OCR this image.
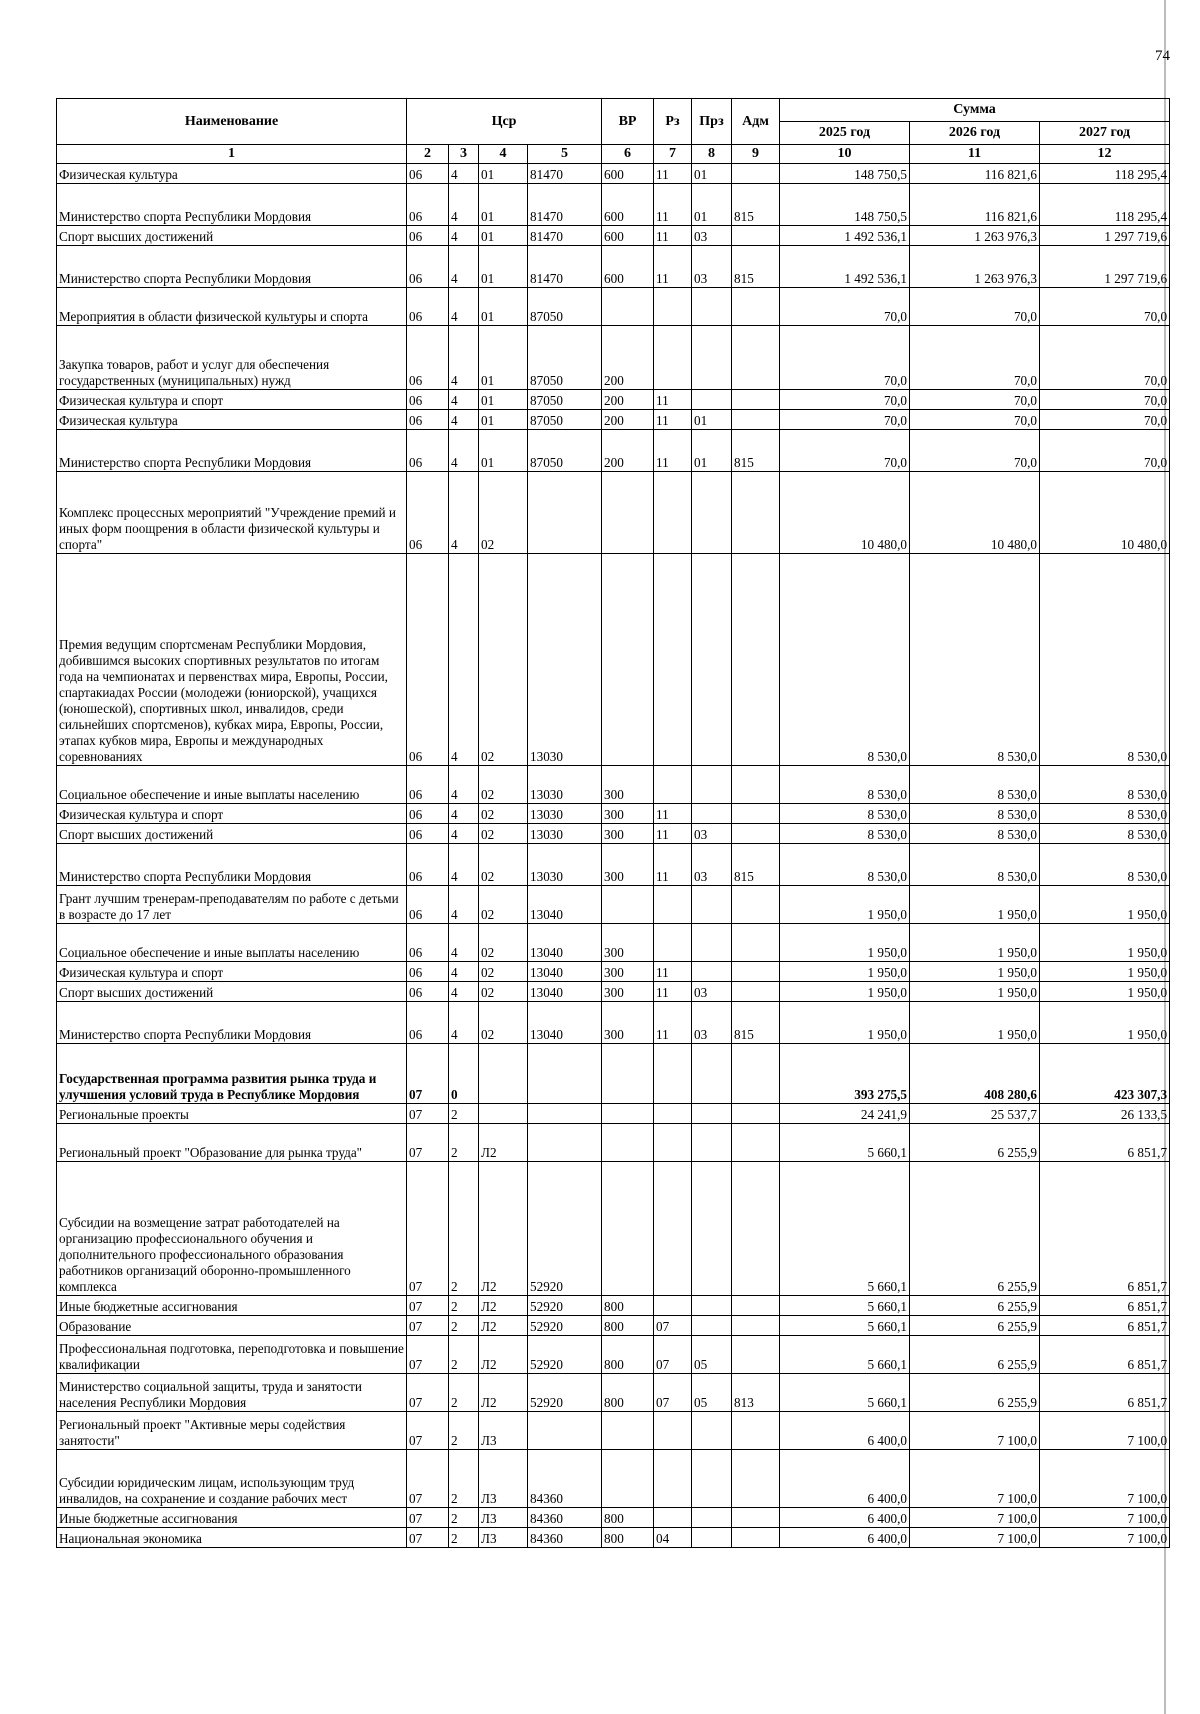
74
Наименование	Цср				ВР	Рз	Прз	Адм	Сумма		
									2025 год	2026 год	2027 год
1	2	3	4	5	6	7	8	9	10	11	12
Физическая культура	06	4	01	81470	600	11	01		148 750,5	116 821,6	118 295,4
Министерство спорта Республики Мордовия	06	4	01	81470	600	11	01	815	148 750,5	116 821,6	118 295,4
Спорт высших достижений	06	4	01	81470	600	11	03		1 492 536,1	1 263 976,3	1 297 719,6
Министерство спорта Республики Мордовия	06	4	01	81470	600	11	03	815	1 492 536,1	1 263 976,3	1 297 719,6
Мероприятия в области физической культуры и спорта	06	4	01	87050					70,0	70,0	70,0
Закупка товаров, работ и услуг для обеспечения государственных (муниципальных) нужд	06	4	01	87050	200				70,0	70,0	70,0
Физическая культура и спорт	06	4	01	87050	200	11			70,0	70,0	70,0
Физическая культура	06	4	01	87050	200	11	01		70,0	70,0	70,0
Министерство спорта Республики Мордовия	06	4	01	87050	200	11	01	815	70,0	70,0	70,0
Комплекс процессных мероприятий "Учреждение премий и иных форм поощрения в области физической культуры и спорта"	06	4	02						10 480,0	10 480,0	10 480,0
Премия ведущим спортсменам Республики Мордовия, добившимся высоких спортивных результатов по итогам года на чемпионатах и первенствах мира, Европы, России, спартакиадах России (молодежи (юниорской), учащихся (юношеской), спортивных школ, инвалидов, среди сильнейших спортсменов), кубках мира, Европы, России, этапах кубков мира, Европы и международных соревнованиях	06	4	02	13030					8 530,0	8 530,0	8 530,0
Социальное обеспечение и иные выплаты населению	06	4	02	13030	300				8 530,0	8 530,0	8 530,0
Физическая культура и спорт	06	4	02	13030	300	11			8 530,0	8 530,0	8 530,0
Спорт высших достижений	06	4	02	13030	300	11	03		8 530,0	8 530,0	8 530,0
Министерство спорта Республики Мордовия	06	4	02	13030	300	11	03	815	8 530,0	8 530,0	8 530,0
Грант лучшим тренерам-преподавателям по работе с детьми в возрасте до 17 лет	06	4	02	13040					1 950,0	1 950,0	1 950,0
Социальное обеспечение и иные выплаты населению	06	4	02	13040	300				1 950,0	1 950,0	1 950,0
Физическая культура и спорт	06	4	02	13040	300	11			1 950,0	1 950,0	1 950,0
Спорт высших достижений	06	4	02	13040	300	11	03		1 950,0	1 950,0	1 950,0
Министерство спорта Республики Мордовия	06	4	02	13040	300	11	03	815	1 950,0	1 950,0	1 950,0
Государственная программа развития рынка труда и улучшения условий труда в Республике Мордовия	07	0							393 275,5	408 280,6	423 307,3
Региональные проекты	07	2							24 241,9	25 537,7	26 133,5
Региональный проект "Образование для рынка труда"	07	2	Л2						5 660,1	6 255,9	6 851,7
Субсидии на возмещение затрат работодателей на организацию профессионального обучения и дополнительного профессионального образования работников организаций оборонно-промышленного комплекса	07	2	Л2	52920					5 660,1	6 255,9	6 851,7
Иные бюджетные ассигнования	07	2	Л2	52920	800				5 660,1	6 255,9	6 851,7
Образование	07	2	Л2	52920	800	07			5 660,1	6 255,9	6 851,7
Профессиональная подготовка, переподготовка и повышение квалификации	07	2	Л2	52920	800	07	05		5 660,1	6 255,9	6 851,7
Министерство социальной защиты, труда и занятости населения Республики Мордовия	07	2	Л2	52920	800	07	05	813	5 660,1	6 255,9	6 851,7
Региональный проект "Активные меры содействия занятости"	07	2	Л3						6 400,0	7 100,0	7 100,0
Субсидии юридическим лицам, использующим труд инвалидов, на сохранение и создание рабочих мест	07	2	Л3	84360					6 400,0	7 100,0	7 100,0
Иные бюджетные ассигнования	07	2	Л3	84360	800				6 400,0	7 100,0	7 100,0
Национальная экономика	07	2	Л3	84360	800	04			6 400,0	7 100,0	7 100,0
